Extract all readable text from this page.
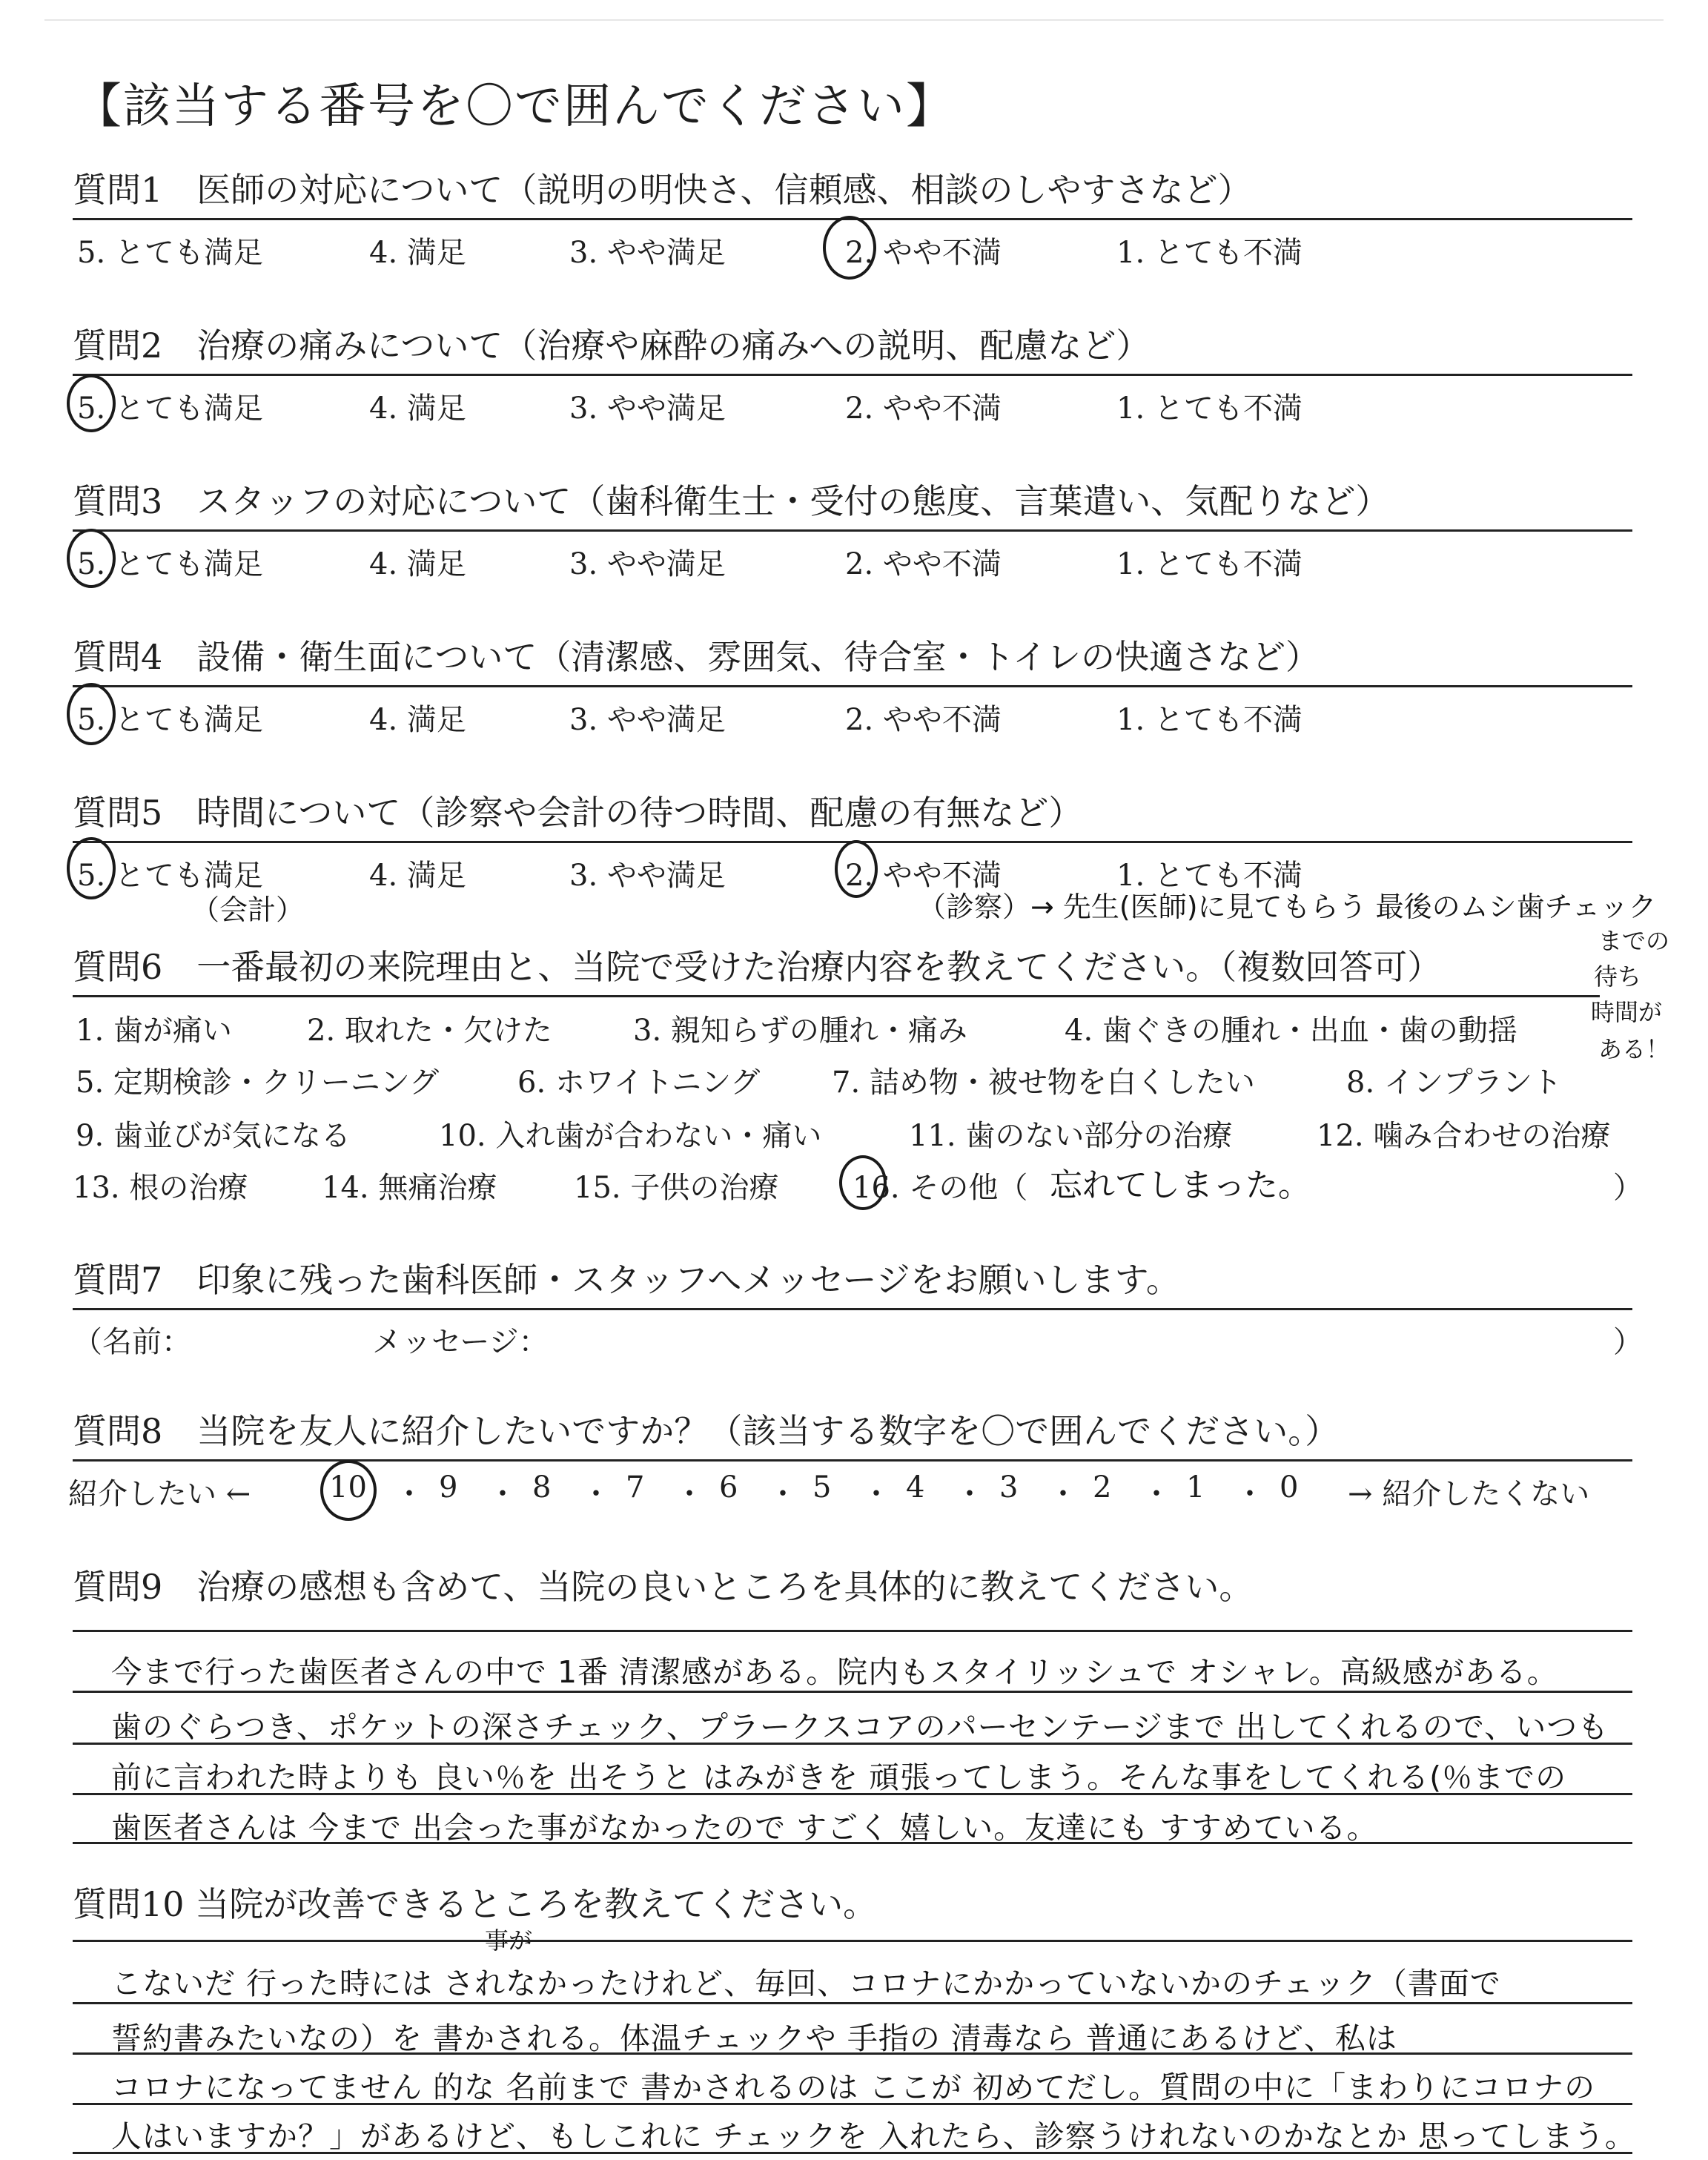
【該当する番号を〇で囲んでください】
質問1　医師の対応について（説明の明快さ、信頼感、相談のしやすさなど）
5. とても満足	4. 満足	3. やや満足	2. やや不満	1. とても不満
質問2　治療の痛みについて（治療や麻酔の痛みへの説明、配慮など）
5. とても満足	4. 満足	3. やや満足	2. やや不満	1. とても不満
質問3　スタッフの対応について（歯科衛生士・受付の態度、言葉遣い、気配りなど）
5. とても満足	4. 満足	3. やや満足	2. やや不満	1. とても不満
質問4　設備・衛生面について（清潔感、雰囲気、待合室・トイレの快適さなど）
5. とても満足	4. 満足	3. やや満足	2. やや不満	1. とても不満
質問5　時間について（診察や会計の待つ時間、配慮の有無など）
5. とても満足	4. 満足	3. やや満足	2. やや不満	1. とても不満
（会計）	（診察）→ 先生(医師)に見てもらう 最後のムシ歯チェック
までの
待ち
時間が
ある！
質問6　一番最初の来院理由と、当院で受けた治療内容を教えてください。（複数回答可）
1. 歯が痛い	2. 取れた・欠けた	3. 親知らずの腫れ・痛み	4. 歯ぐきの腫れ・出血・歯の動揺
5. 定期検診・クリーニング	6. ホワイトニング 7. 詰め物・被せ物を白くしたい	8. インプラント
9. 歯並びが気になる	10. 入れ歯が合わない・痛い	11. 歯のない部分の治療	12. 噛み合わせの治療
13. 根の治療 14. 無痛治療	15. 子供の治療 16. その他（ 忘れてしまった。	）
質問7　印象に残った歯科医師・スタッフへメッセージをお願いします。
（名前：	メッセージ：	）
質問8　当院を友人に紹介したいですか？（該当する数字を〇で囲んでください。）
紹介したい ←	10 ・ 9 ・ 8 ・ 7 ・ 6 ・ 5 ・ 4 ・ 3 ・ 2 ・ 1 ・ 0 → 紹介したくない
質問9　治療の感想も含めて、当院の良いところを具体的に教えてください。
今まで行った歯医者さんの中で 1番 清潔感がある。院内もスタイリッシュで オシャレ。高級感がある。
歯のぐらつき、ポケットの深さチェック、プラークスコアのパーセンテージまで 出してくれるので、いつも
前に言われた時よりも 良い％を 出そうと はみがきを 頑張ってしまう。そんな事をしてくれる(％までの
歯医者さんは 今まで 出会った事がなかったので すごく 嬉しい。友達にも すすめている。
質問10 当院が改善できるところを教えてください。
事が
こないだ 行った時には されなかったけれど、毎回、コロナにかかっていないかのチェック（書面で
誓約書みたいなの）を 書かされる。体温チェックや 手指の 清毒なら 普通にあるけど、私は
コロナになってません 的な 名前まで 書かされるのは ここが 初めてだし。質問の中に「まわりにコロナの
人はいますか？」があるけど、もしこれに チェックを 入れたら、診察うけれないのかなとか 思ってしまう。
